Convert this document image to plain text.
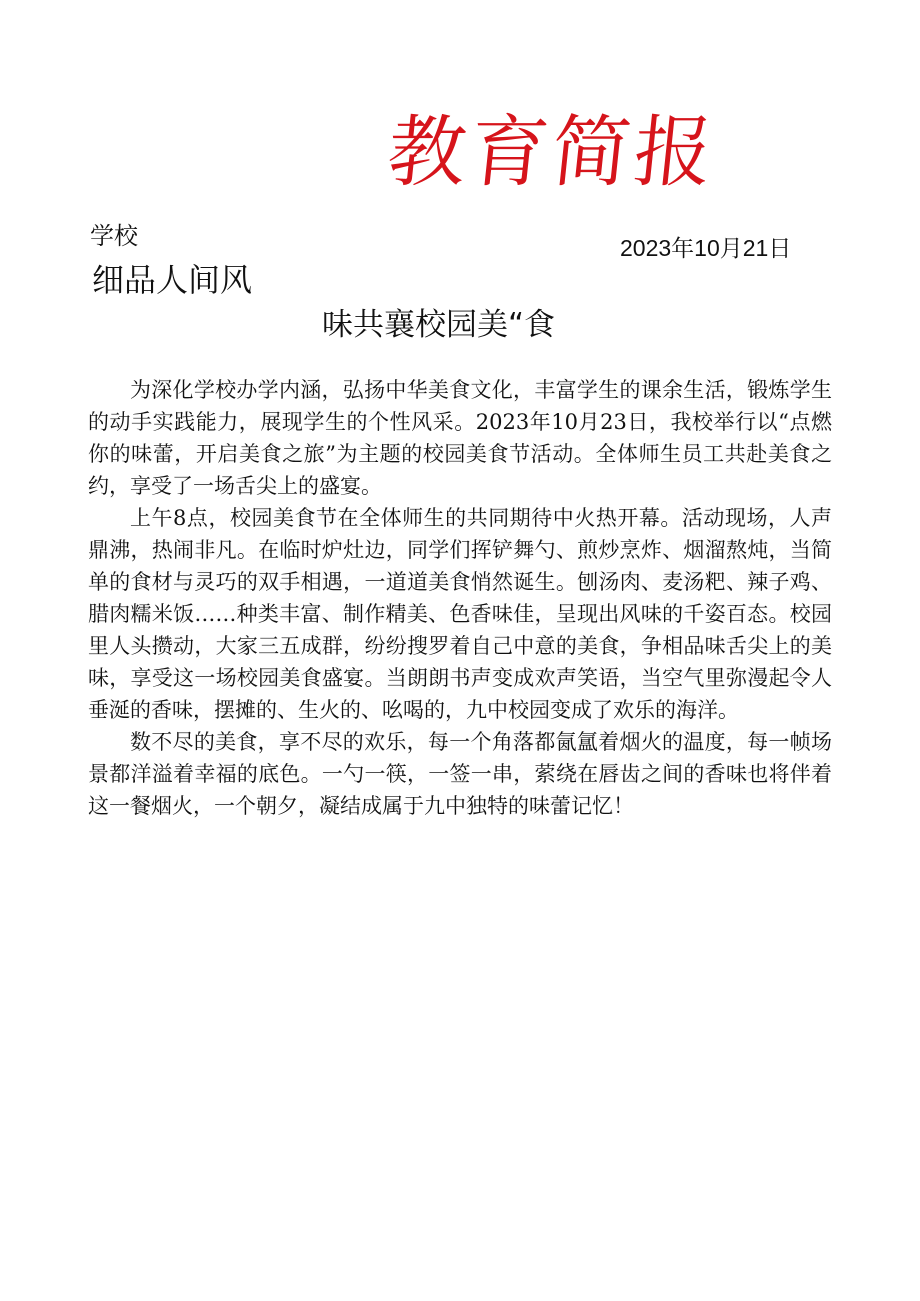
教育简报
学校	2023年10月21日
细品人间风
味共襄校园美“食

为深化学校办学内涵，弘扬中华美食文化，丰富学生的课余生活，锻炼学生的动手实践能力，展现学生的个性风采。2023年10月23日，我校举行以“点燃你的味蕾，开启美食之旅”为主题的校园美食节活动。全体师生员工共赴美食之约，享受了一场舌尖上的盛宴。

上午8点，校园美食节在全体师生的共同期待中火热开幕。活动现场，人声鼎沸，热闹非凡。在临时炉灶边，同学们挥铲舞勺、煎炒烹炸、烟溜熬炖，当简单的食材与灵巧的双手相遇，一道道美食悄然诞生。刨汤肉、麦汤粑、辣子鸡、腊肉糯米饭……种类丰富、制作精美、色香味佳，呈现出风味的千姿百态。校园里人头攒动，大家三五成群，纷纷搜罗着自己中意的美食，争相品味舌尖上的美味，享受这一场校园美食盛宴。当朗朗书声变成欢声笑语，当空气里弥漫起令人垂涎的香味，摆摊的、生火的、吆喝的，九中校园变成了欢乐的海洋。

数不尽的美食，享不尽的欢乐，每一个角落都氤氲着烟火的温度，每一帧场景都洋溢着幸福的底色。一勺一筷，一签一串，萦绕在唇齿之间的香味也将伴着这一餐烟火，一个朝夕，凝结成属于九中独特的味蕾记忆！
